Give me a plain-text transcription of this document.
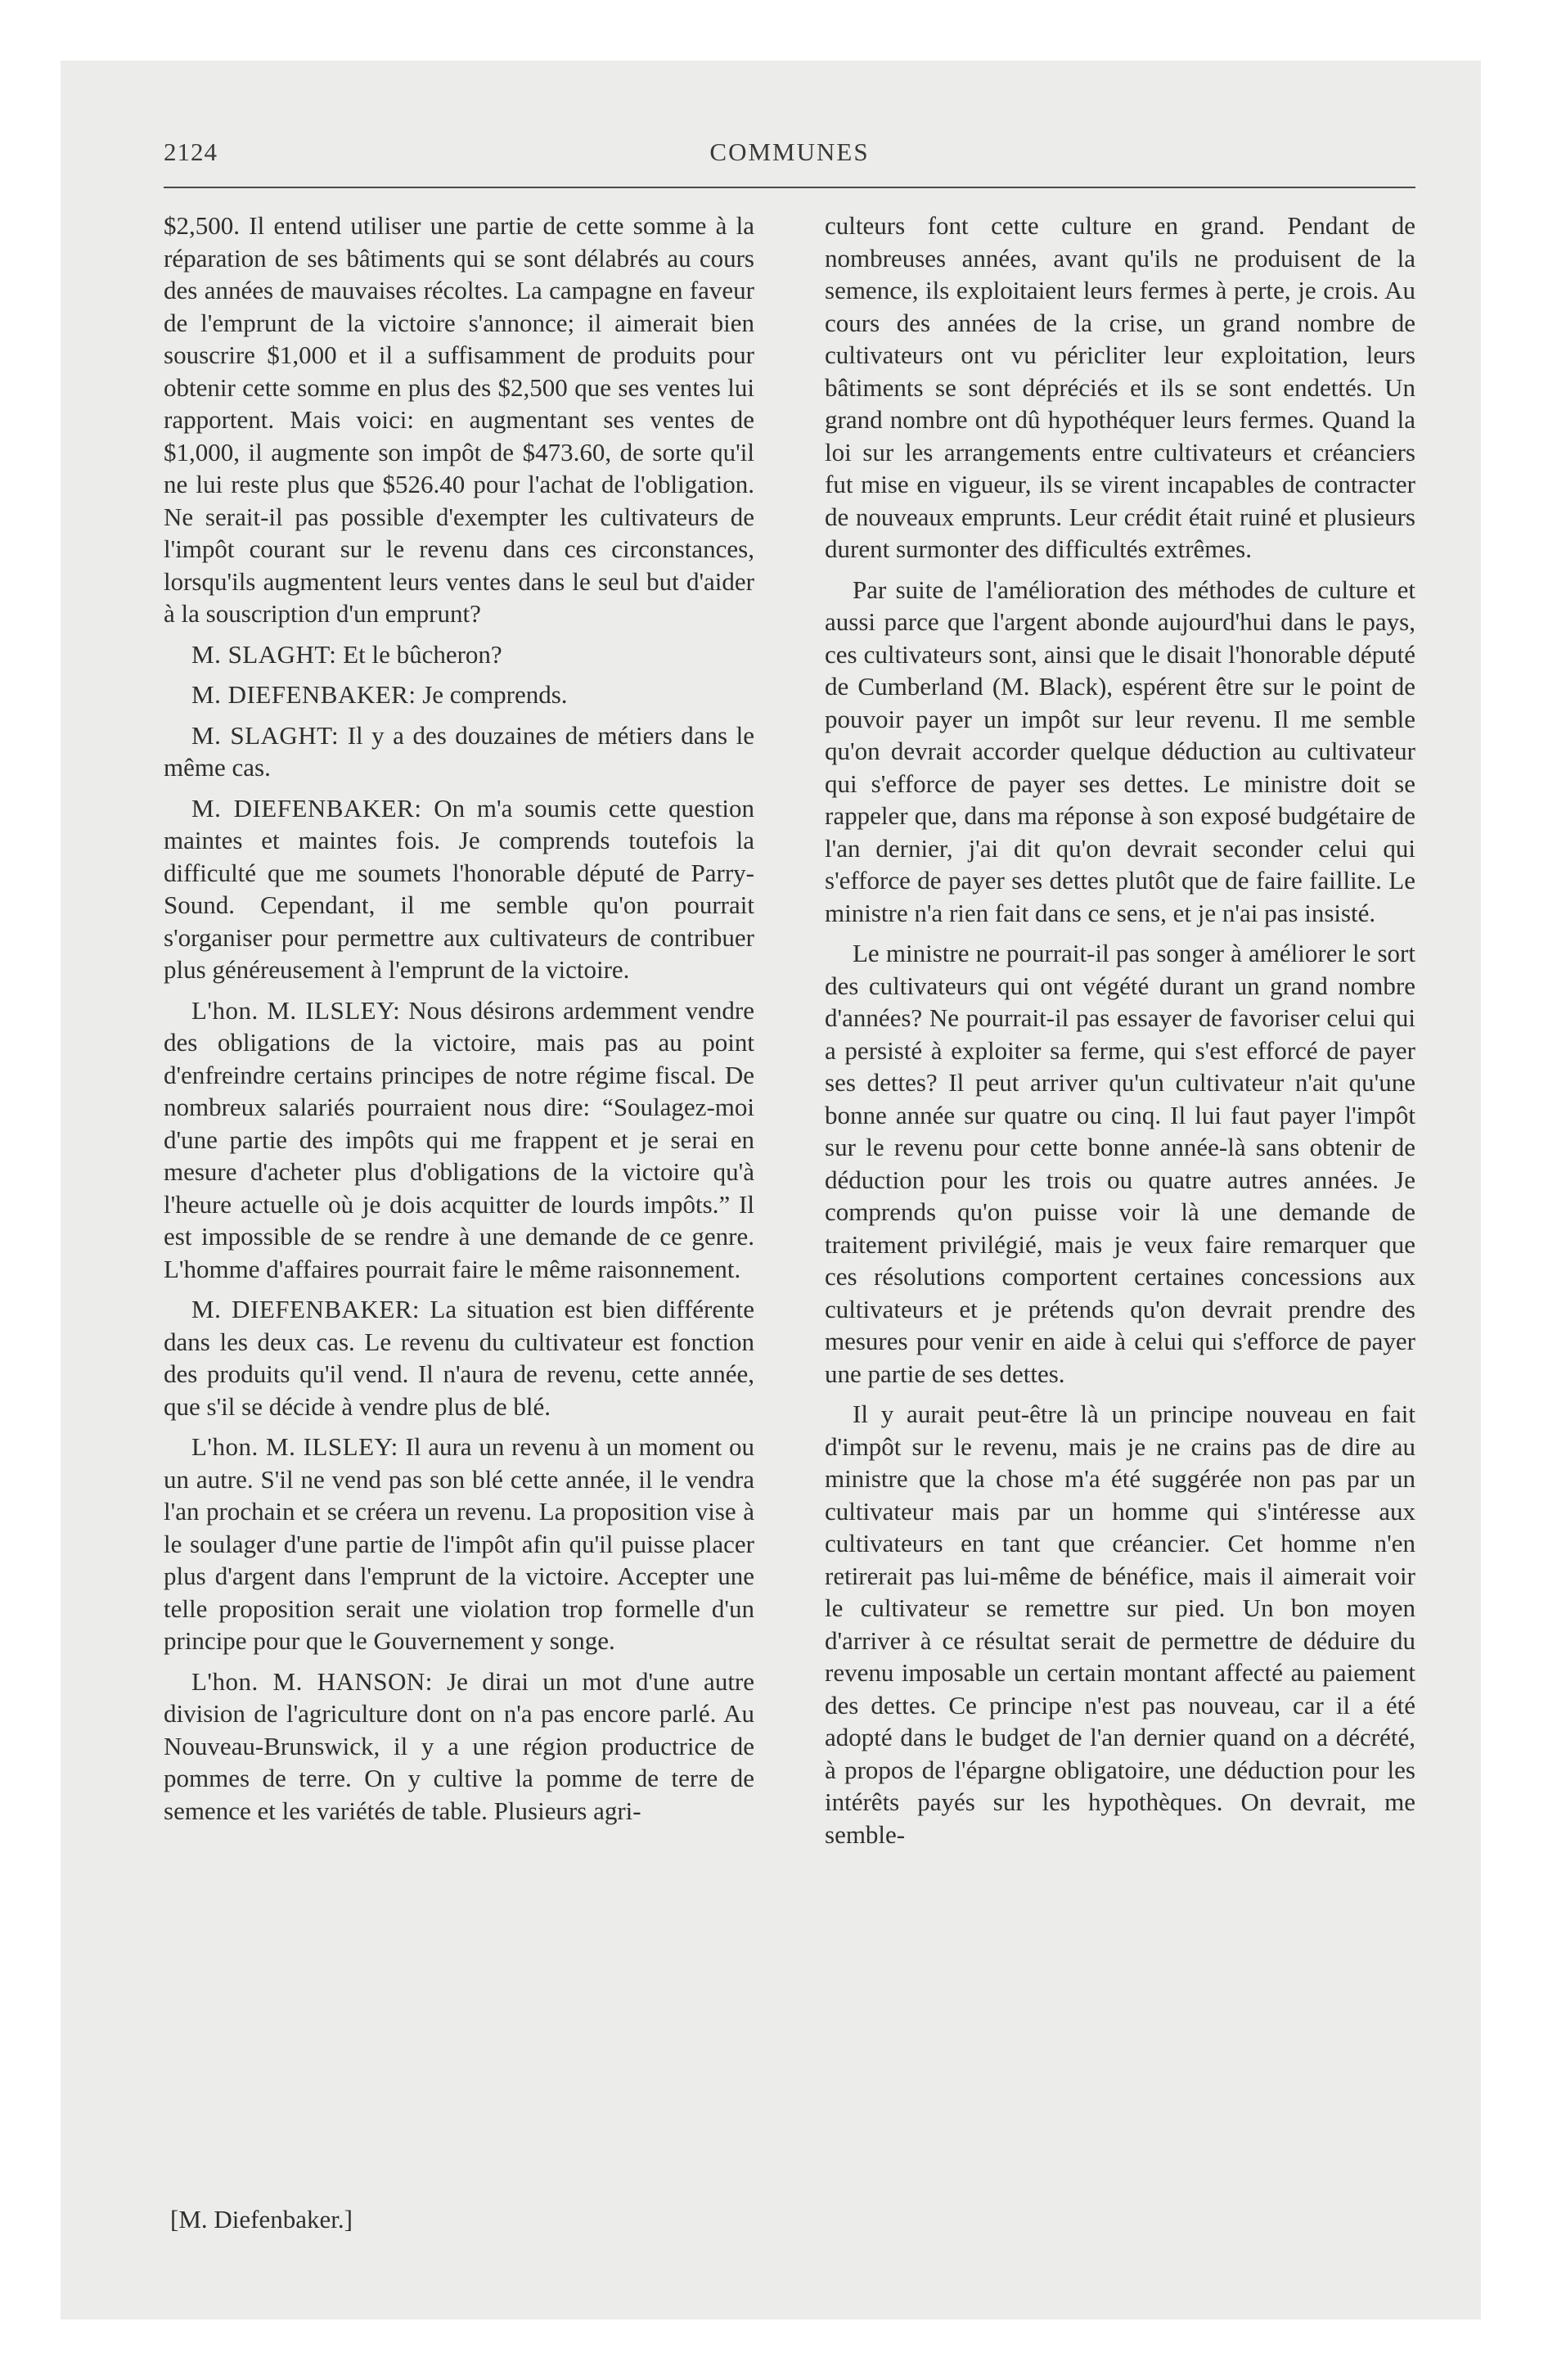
2124	COMMUNES

$2,500. Il entend utiliser une partie de cette somme à la réparation de ses bâtiments qui se sont délabrés au cours des années de mauvaises récoltes. La campagne en faveur de l'emprunt de la victoire s'annonce; il aimerait bien souscrire $1,000 et il a suffisamment de produits pour obtenir cette somme en plus des $2,500 que ses ventes lui rapportent. Mais voici: en augmentant ses ventes de $1,000, il augmente son impôt de $473.60, de sorte qu'il ne lui reste plus que $526.40 pour l'achat de l'obligation. Ne serait-il pas possible d'exempter les cultivateurs de l'impôt courant sur le revenu dans ces circonstances, lorsqu'ils augmentent leurs ventes dans le seul but d'aider à la souscription d'un emprunt?

M. SLAGHT: Et le bûcheron?

M. DIEFENBAKER: Je comprends.

M. SLAGHT: Il y a des douzaines de métiers dans le même cas.

M. DIEFENBAKER: On m'a soumis cette question maintes et maintes fois. Je comprends toutefois la difficulté que me soumets l'honorable député de Parry-Sound. Cependant, il me semble qu'on pourrait s'organiser pour permettre aux cultivateurs de contribuer plus généreusement à l'emprunt de la victoire.

L'hon. M. ILSLEY: Nous désirons ardemment vendre des obligations de la victoire, mais pas au point d'enfreindre certains principes de notre régime fiscal. De nombreux salariés pourraient nous dire: “Soulagez-moi d'une partie des impôts qui me frappent et je serai en mesure d'acheter plus d'obligations de la victoire qu'à l'heure actuelle où je dois acquitter de lourds impôts.” Il est impossible de se rendre à une demande de ce genre. L'homme d'affaires pourrait faire le même raisonnement.

M. DIEFENBAKER: La situation est bien différente dans les deux cas. Le revenu du cultivateur est fonction des produits qu'il vend. Il n'aura de revenu, cette année, que s'il se décide à vendre plus de blé.

L'hon. M. ILSLEY: Il aura un revenu à un moment ou un autre. S'il ne vend pas son blé cette année, il le vendra l'an prochain et se créera un revenu. La proposition vise à le soulager d'une partie de l'impôt afin qu'il puisse placer plus d'argent dans l'emprunt de la victoire. Accepter une telle proposition serait une violation trop formelle d'un principe pour que le Gouvernement y songe.

L'hon. M. HANSON: Je dirai un mot d'une autre division de l'agriculture dont on n'a pas encore parlé. Au Nouveau-Brunswick, il y a une région productrice de pommes de terre. On y cultive la pomme de terre de semence et les variétés de table. Plusieurs agri-

culteurs font cette culture en grand. Pendant de nombreuses années, avant qu'ils ne produisent de la semence, ils exploitaient leurs fermes à perte, je crois. Au cours des années de la crise, un grand nombre de cultivateurs ont vu péricliter leur exploitation, leurs bâtiments se sont dépréciés et ils se sont endettés. Un grand nombre ont dû hypothéquer leurs fermes. Quand la loi sur les arrangements entre cultivateurs et créanciers fut mise en vigueur, ils se virent incapables de contracter de nouveaux emprunts. Leur crédit était ruiné et plusieurs durent surmonter des difficultés extrêmes.

Par suite de l'amélioration des méthodes de culture et aussi parce que l'argent abonde aujourd'hui dans le pays, ces cultivateurs sont, ainsi que le disait l'honorable député de Cumberland (M. Black), espérent être sur le point de pouvoir payer un impôt sur leur revenu. Il me semble qu'on devrait accorder quelque déduction au cultivateur qui s'efforce de payer ses dettes. Le ministre doit se rappeler que, dans ma réponse à son exposé budgétaire de l'an dernier, j'ai dit qu'on devrait seconder celui qui s'efforce de payer ses dettes plutôt que de faire faillite. Le ministre n'a rien fait dans ce sens, et je n'ai pas insisté.

Le ministre ne pourrait-il pas songer à améliorer le sort des cultivateurs qui ont végété durant un grand nombre d'années? Ne pourrait-il pas essayer de favoriser celui qui a persisté à exploiter sa ferme, qui s'est efforcé de payer ses dettes? Il peut arriver qu'un cultivateur n'ait qu'une bonne année sur quatre ou cinq. Il lui faut payer l'impôt sur le revenu pour cette bonne année-là sans obtenir de déduction pour les trois ou quatre autres années. Je comprends qu'on puisse voir là une demande de traitement privilégié, mais je veux faire remarquer que ces résolutions comportent certaines concessions aux cultivateurs et je prétends qu'on devrait prendre des mesures pour venir en aide à celui qui s'efforce de payer une partie de ses dettes.

Il y aurait peut-être là un principe nouveau en fait d'impôt sur le revenu, mais je ne crains pas de dire au ministre que la chose m'a été suggérée non pas par un cultivateur mais par un homme qui s'intéresse aux cultivateurs en tant que créancier. Cet homme n'en retirerait pas lui-même de bénéfice, mais il aimerait voir le cultivateur se remettre sur pied. Un bon moyen d'arriver à ce résultat serait de permettre de déduire du revenu imposable un certain montant affecté au paiement des dettes. Ce principe n'est pas nouveau, car il a été adopté dans le budget de l'an dernier quand on a décrété, à propos de l'épargne obligatoire, une déduction pour les intérêts payés sur les hypothèques. On devrait, me semble-

[M. Diefenbaker.]
